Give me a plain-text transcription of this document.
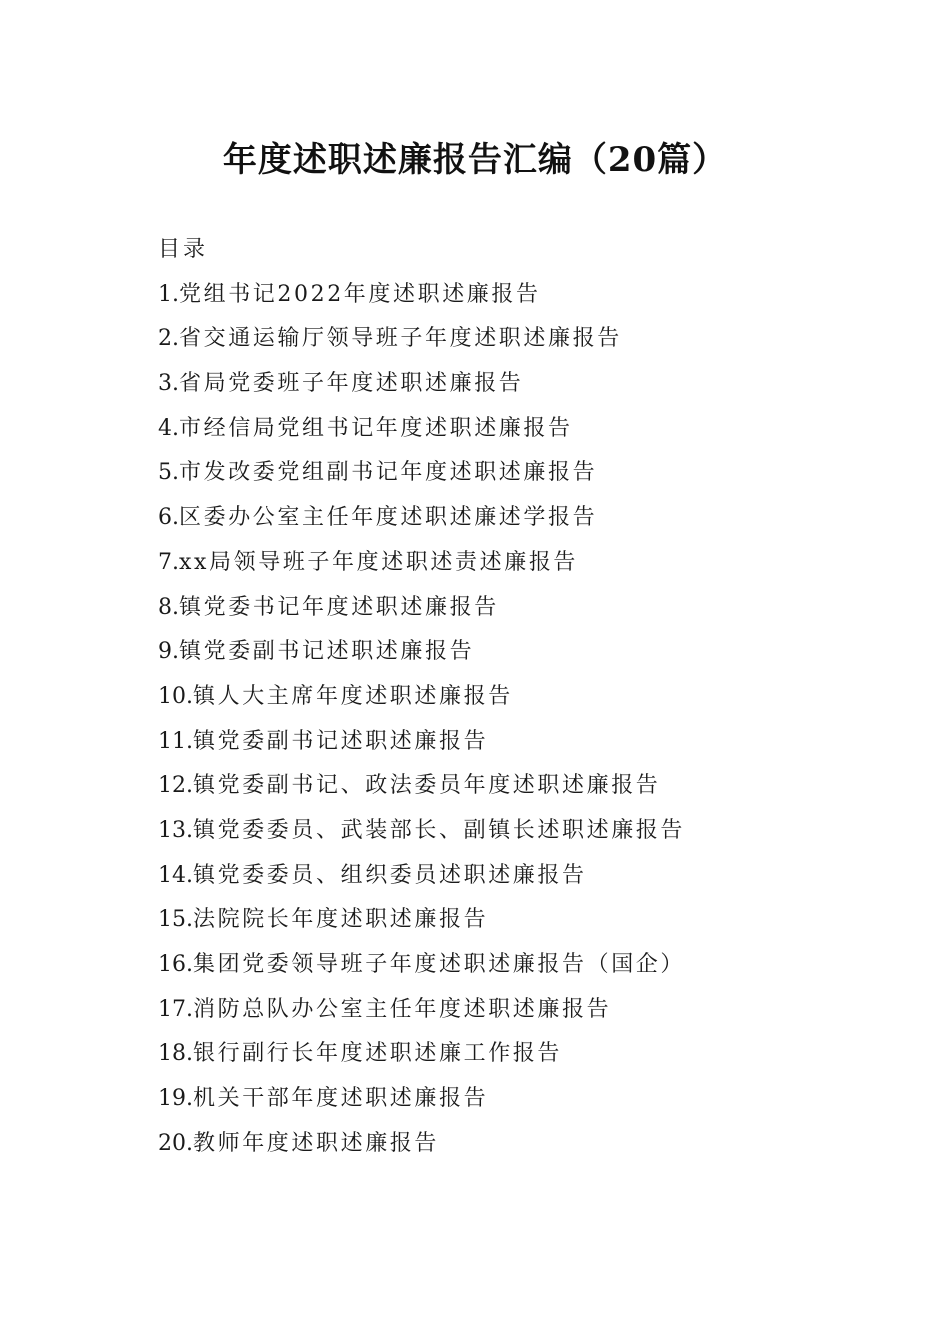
年度述职述廉报告汇编（20篇）
目录
1.党组书记2022年度述职述廉报告
2.省交通运输厅领导班子年度述职述廉报告
3.省局党委班子年度述职述廉报告
4.市经信局党组书记年度述职述廉报告
5.市发改委党组副书记年度述职述廉报告
6.区委办公室主任年度述职述廉述学报告
7.xx局领导班子年度述职述责述廉报告
8.镇党委书记年度述职述廉报告
9.镇党委副书记述职述廉报告
10.镇人大主席年度述职述廉报告
11.镇党委副书记述职述廉报告
12.镇党委副书记、政法委员年度述职述廉报告
13.镇党委委员、武装部长、副镇长述职述廉报告
14.镇党委委员、组织委员述职述廉报告
15.法院院长年度述职述廉报告
16.集团党委领导班子年度述职述廉报告（国企）
17.消防总队办公室主任年度述职述廉报告
18.银行副行长年度述职述廉工作报告
19.机关干部年度述职述廉报告
20.教师年度述职述廉报告
